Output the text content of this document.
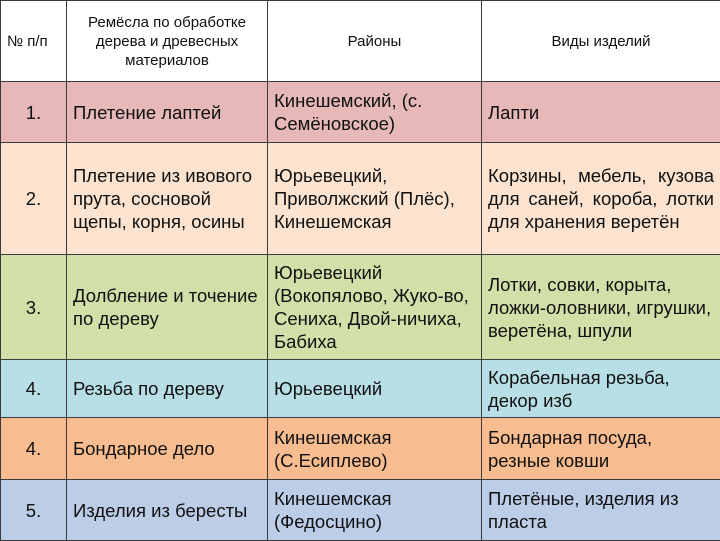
№ п/п	Ремёсла по обработке дерева и древесных материалов	Районы	Виды изделий
1.	Плетение лаптей	Кинешемский, (с. Семёновское)	Лапти
2.	Плетение из ивового прута, сосновой щепы, корня, осины	Юрьевецкий, Приволжский (Плёс), Кинешемская	Корзины, мебель, кузова для саней, короба, лотки для хранения веретён
3.	Долбление и точение по дереву	Юрьевецкий (Вокопялово, Жуко-во, Сениха, Двой-ничиха, Бабиха	Лотки, совки, корыта, ложки-оловники, игрушки, веретёна, шпули
4.	Резьба по дереву	Юрьевецкий	Корабельная резьба, декор изб
4.	Бондарное дело	Кинешемская (С.Есиплево)	Бондарная посуда, резные ковши
5.	Изделия из бересты	Кинешемская (Федосцино)	Плетёные, изделия из пласта
